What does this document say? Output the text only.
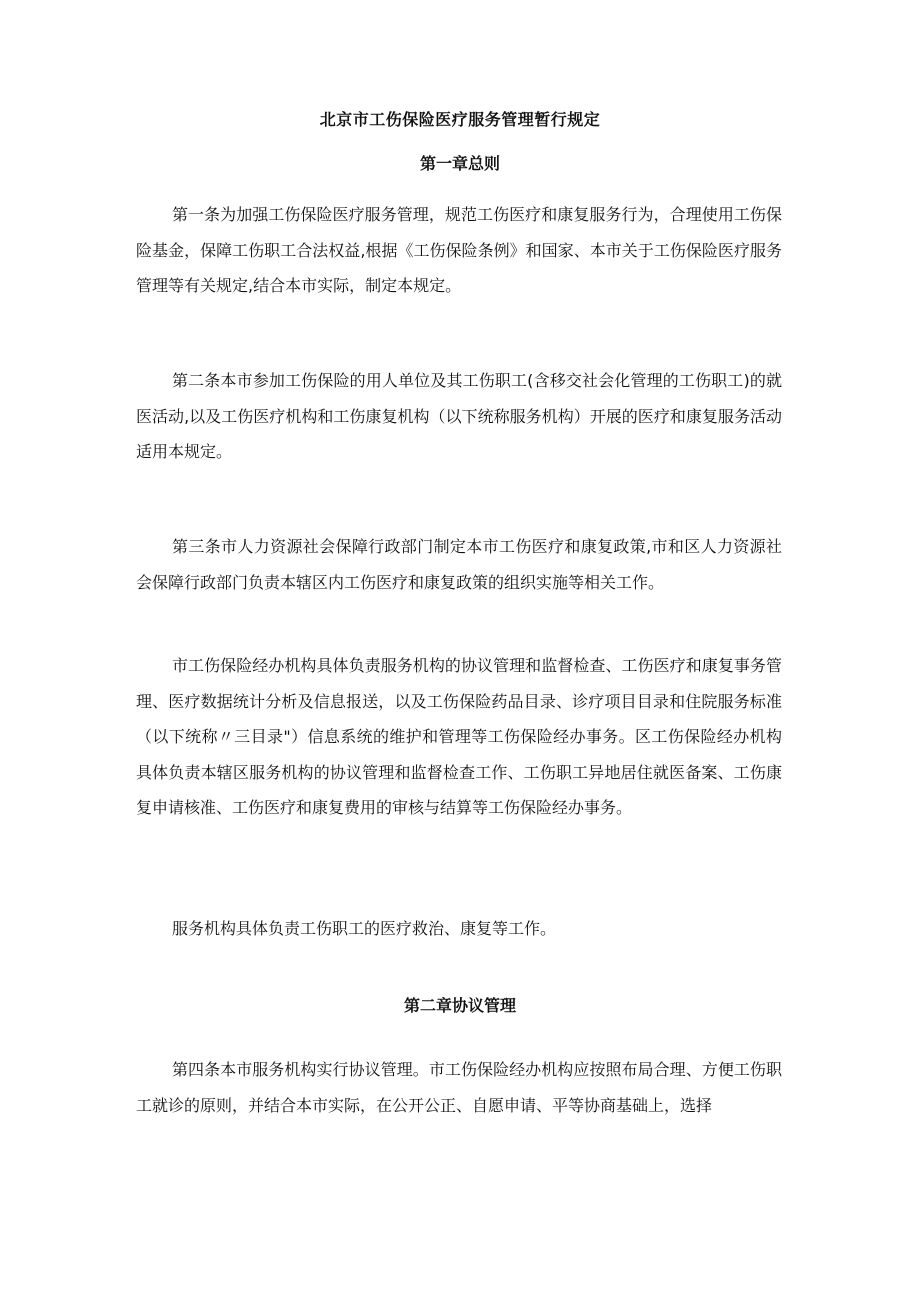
北京市工伤保险医疗服务管理暂行规定
第一章总则

第一条为加强工伤保险医疗服务管理，规范工伤医疗和康复服务行为，合理使用工伤保险基金，保障工伤职工合法权益,根据《工伤保险条例》和国家、本市关于工伤保险医疗服务管理等有关规定,结合本市实际，制定本规定。

第二条本市参加工伤保险的用人单位及其工伤职工(含移交社会化管理的工伤职工)的就医活动,以及工伤医疗机构和工伤康复机构（以下统称服务机构）开展的医疗和康复服务活动适用本规定。

第三条市人力资源社会保障行政部门制定本市工伤医疗和康复政策,市和区人力资源社会保障行政部门负责本辖区内工伤医疗和康复政策的组织实施等相关工作。

市工伤保险经办机构具体负责服务机构的协议管理和监督检查、工伤医疗和康复事务管理、医疗数据统计分析及信息报送，以及工伤保险药品目录、诊疗项目目录和住院服务标准（以下统称〃三目录"）信息系统的维护和管理等工伤保险经办事务。区工伤保险经办机构具体负责本辖区服务机构的协议管理和监督检查工作、工伤职工异地居住就医备案、工伤康复申请核准、工伤医疗和康复费用的审核与结算等工伤保险经办事务。

服务机构具体负责工伤职工的医疗救治、康复等工作。

第二章协议管理

第四条本市服务机构实行协议管理。市工伤保险经办机构应按照布局合理、方便工伤职工就诊的原则，并结合本市实际，在公开公正、自愿申请、平等协商基础上，选择
